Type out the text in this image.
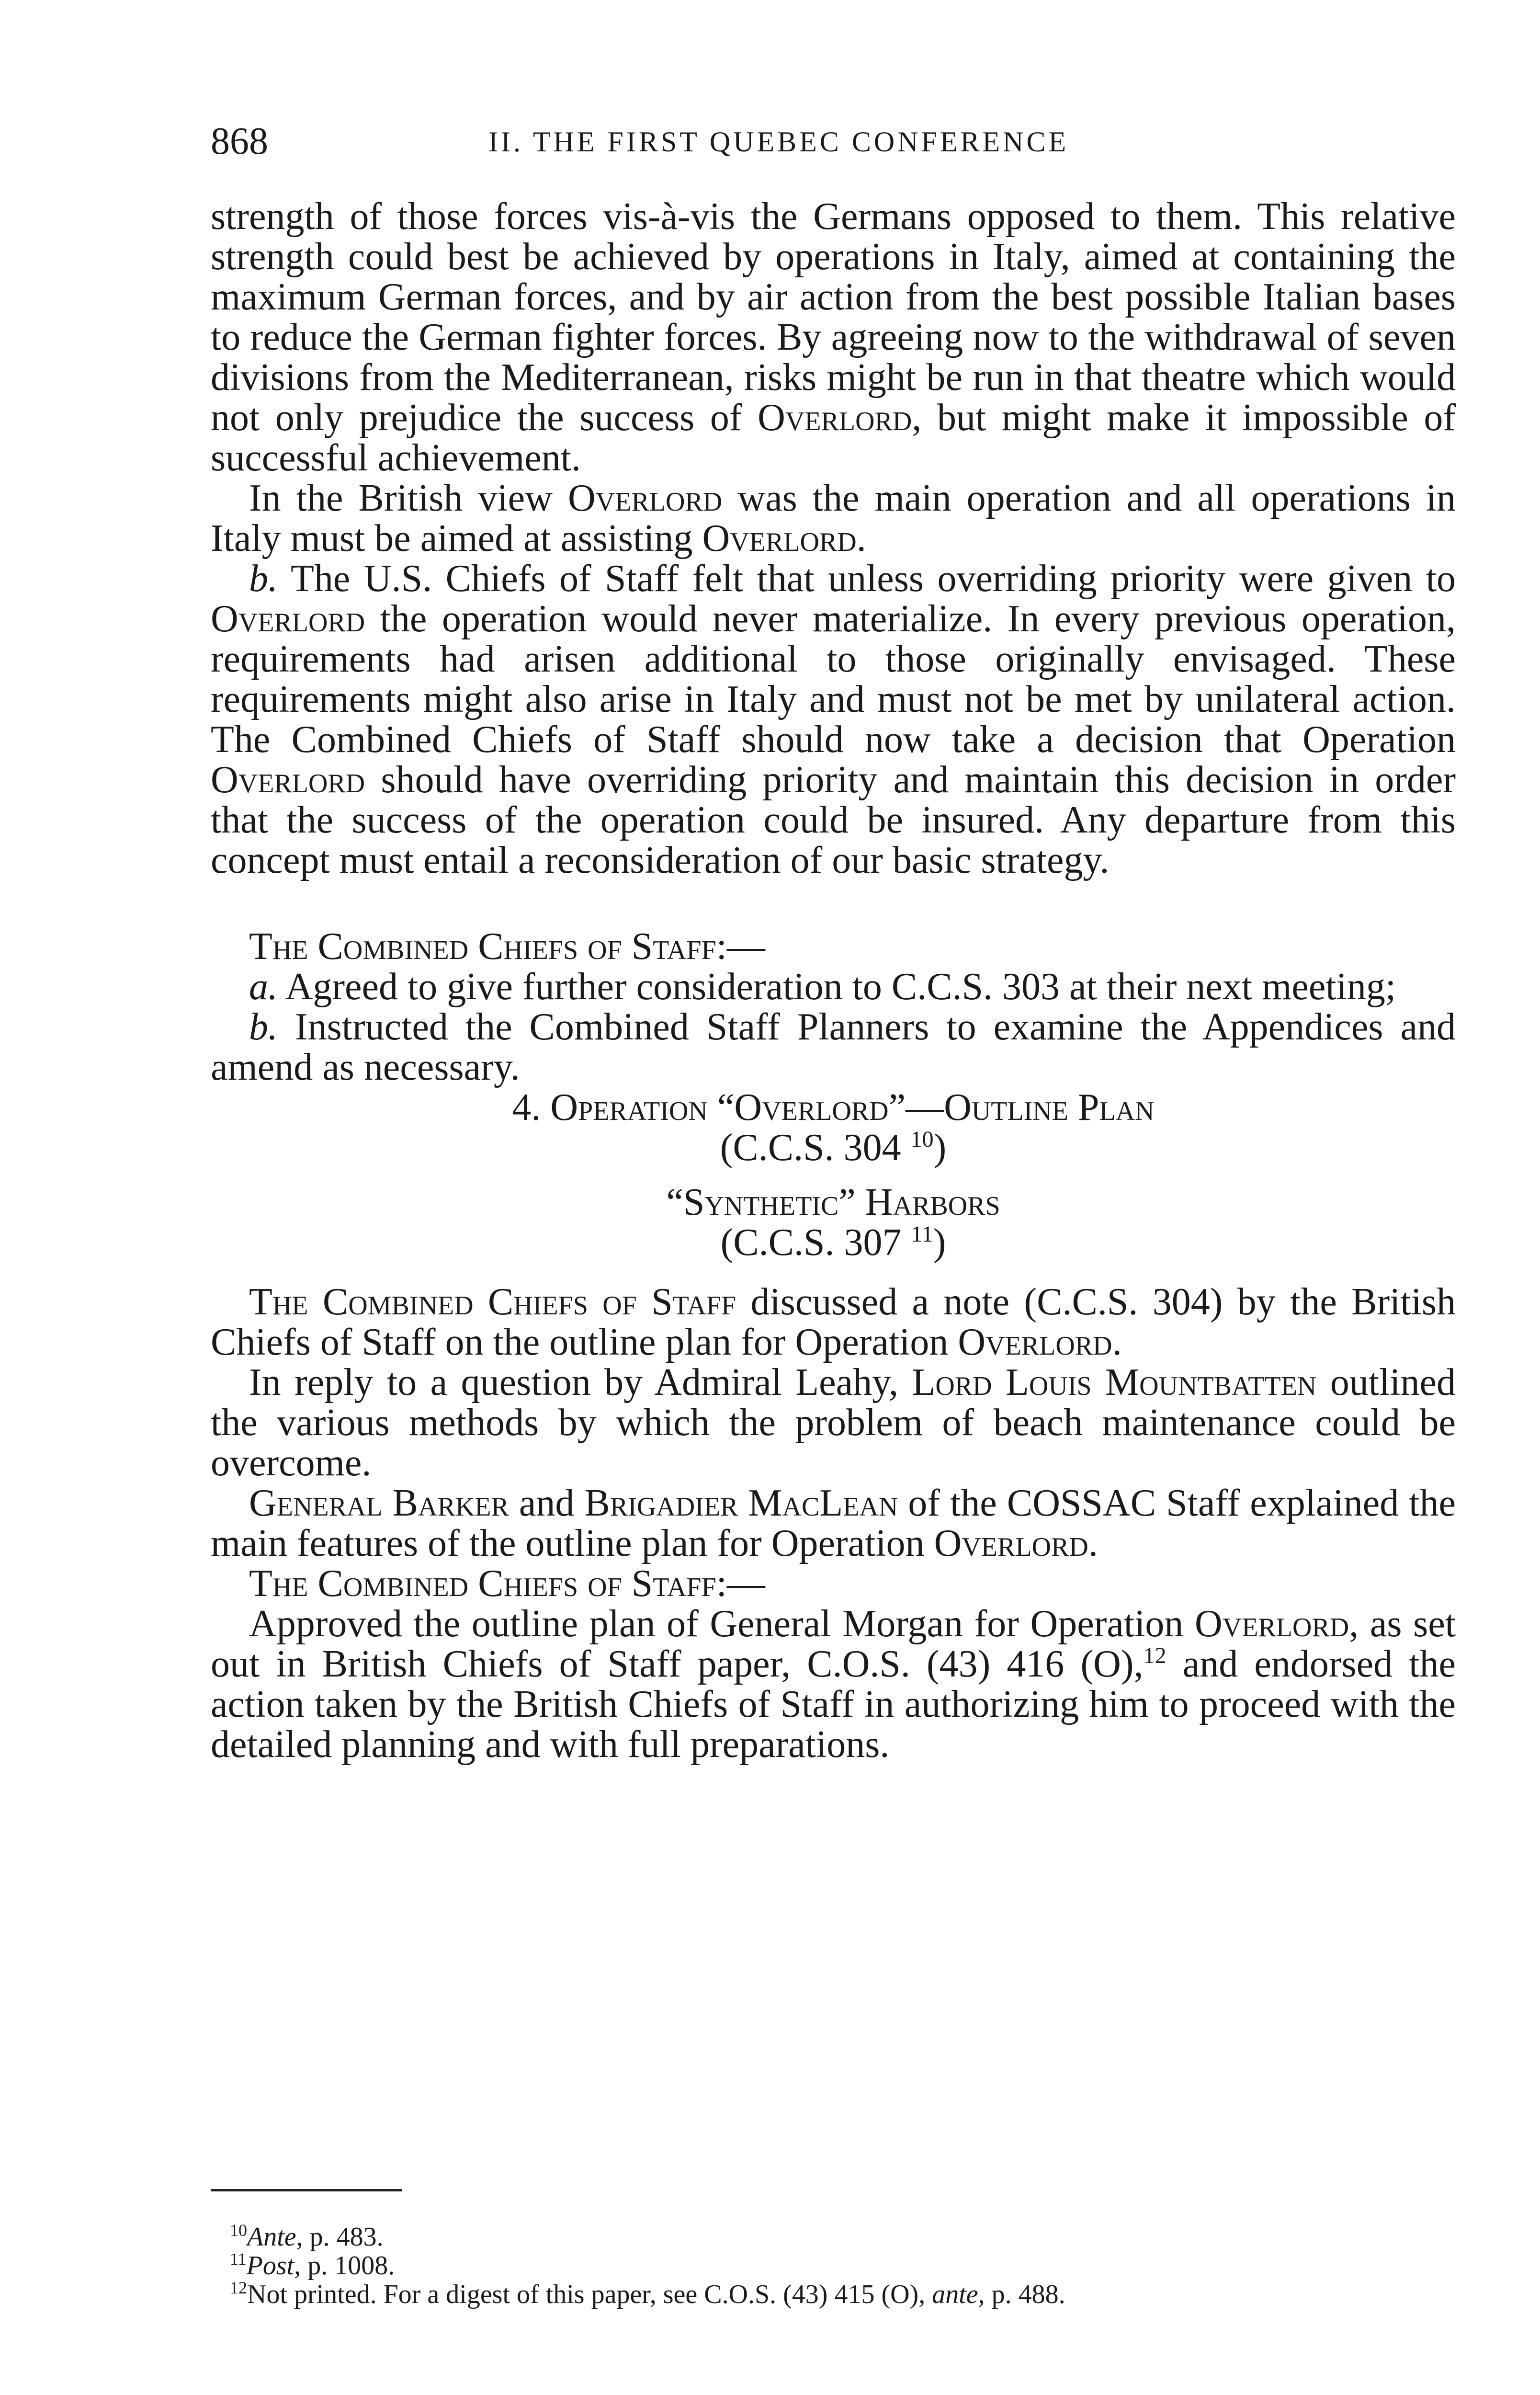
868	II. THE FIRST QUEBEC CONFERENCE

strength of those forces vis-à-vis the Germans opposed to them. This relative strength could best be achieved by operations in Italy, aimed at containing the maximum German forces, and by air action from the best possible Italian bases to reduce the German fighter forces. By agreeing now to the withdrawal of seven divisions from the Mediterranean, risks might be run in that theatre which would not only prejudice the success of Overlord, but might make it impossible of successful achievement.

In the British view Overlord was the main operation and all operations in Italy must be aimed at assisting Overlord.

b. The U.S. Chiefs of Staff felt that unless overriding priority were given to Overlord the operation would never materialize. In every previous operation, requirements had arisen additional to those originally envisaged. These requirements might also arise in Italy and must not be met by unilateral action. The Combined Chiefs of Staff should now take a decision that Operation Overlord should have overriding priority and maintain this decision in order that the success of the operation could be insured. Any departure from this concept must entail a reconsideration of our basic strategy.

The Combined Chiefs of Staff:—

a. Agreed to give further consideration to C.C.S. 303 at their next meeting;

b. Instructed the Combined Staff Planners to examine the Appendices and amend as necessary.

4. Operation “Overlord”—Outline Plan

(C.C.S. 304 $^{10}$)

“Synthetic” Harbors

(C.C.S. 307 $^{11}$)

The Combined Chiefs of Staff discussed a note (C.C.S. 304) by the British Chiefs of Staff on the outline plan for Operation Overlord.

In reply to a question by Admiral Leahy, Lord Louis Mountbatten outlined the various methods by which the problem of beach maintenance could be overcome.

General Barker and Brigadier MacLean of the COSSAC Staff explained the main features of the outline plan for Operation Overlord.

The Combined Chiefs of Staff:—

Approved the outline plan of General Morgan for Operation Overlord, as set out in British Chiefs of Staff paper, C.O.S. (43) 416 (O),$^{12}$ and endorsed the action taken by the British Chiefs of Staff in authorizing him to proceed with the detailed planning and with full preparations.

$^{10}$Ante, p. 483.

$^{11}$Post, p. 1008.

$^{12}$Not printed. For a digest of this paper, see C.O.S. (43) 415 (O), ante, p. 488.
